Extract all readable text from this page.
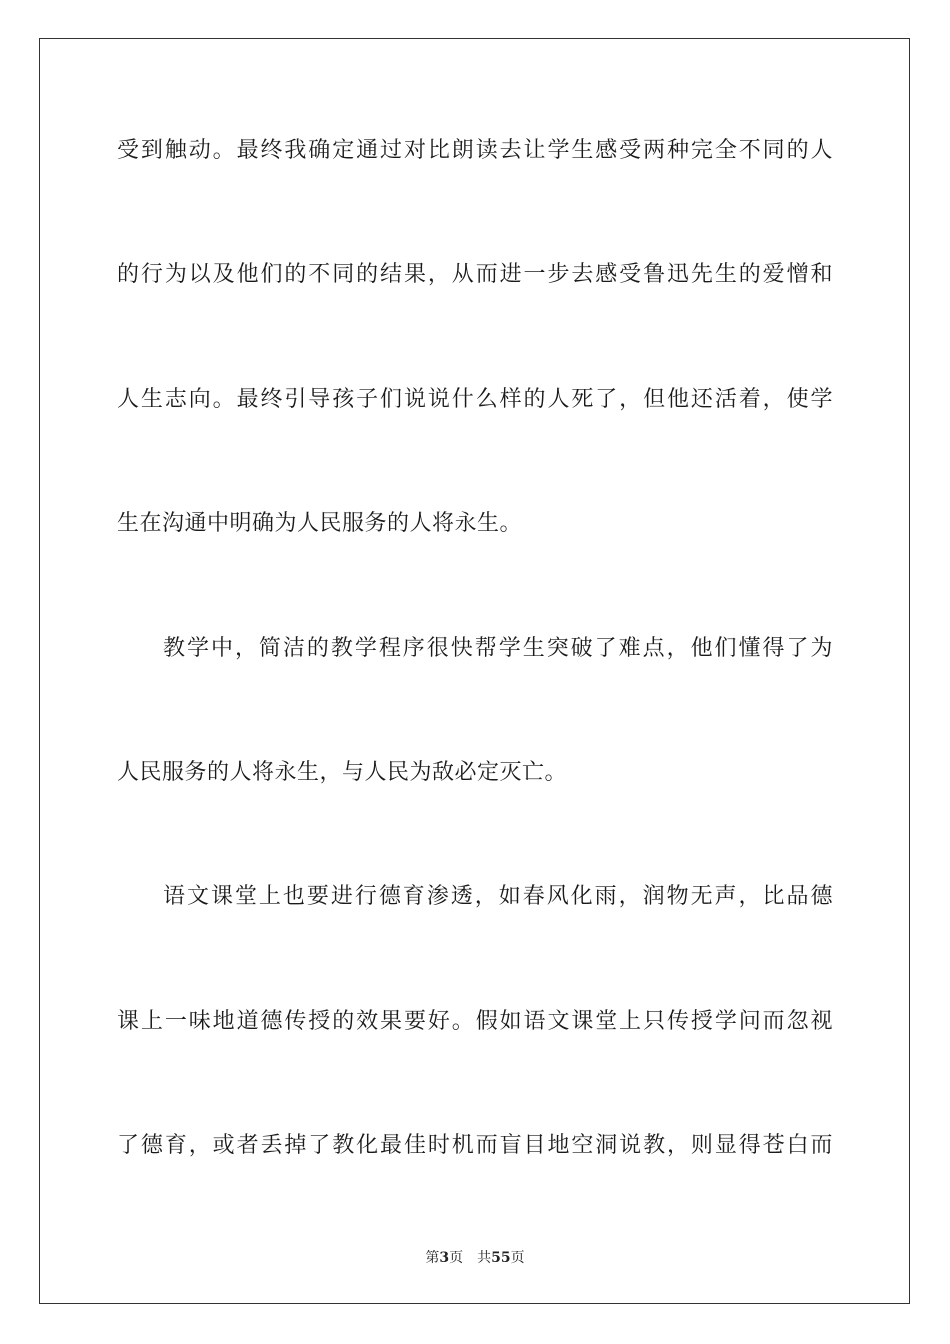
受到触动。最终我确定通过对比朗读去让学生感受两种完全不同的人
的行为以及他们的不同的结果，从而进一步去感受鲁迅先生的爱憎和
人生志向。最终引导孩子们说说什么样的人死了，但他还活着，使学
生在沟通中明确为人民服务的人将永生。
教学中，简洁的教学程序很快帮学生突破了难点，他们懂得了为
人民服务的人将永生，与人民为敌必定灭亡。
语文课堂上也要进行德育渗透，如春风化雨，润物无声，比品德
课上一味地道德传授的效果要好。假如语文课堂上只传授学问而忽视
了德育，或者丢掉了教化最佳时机而盲目地空洞说教，则显得苍白而
第3页 共55页
